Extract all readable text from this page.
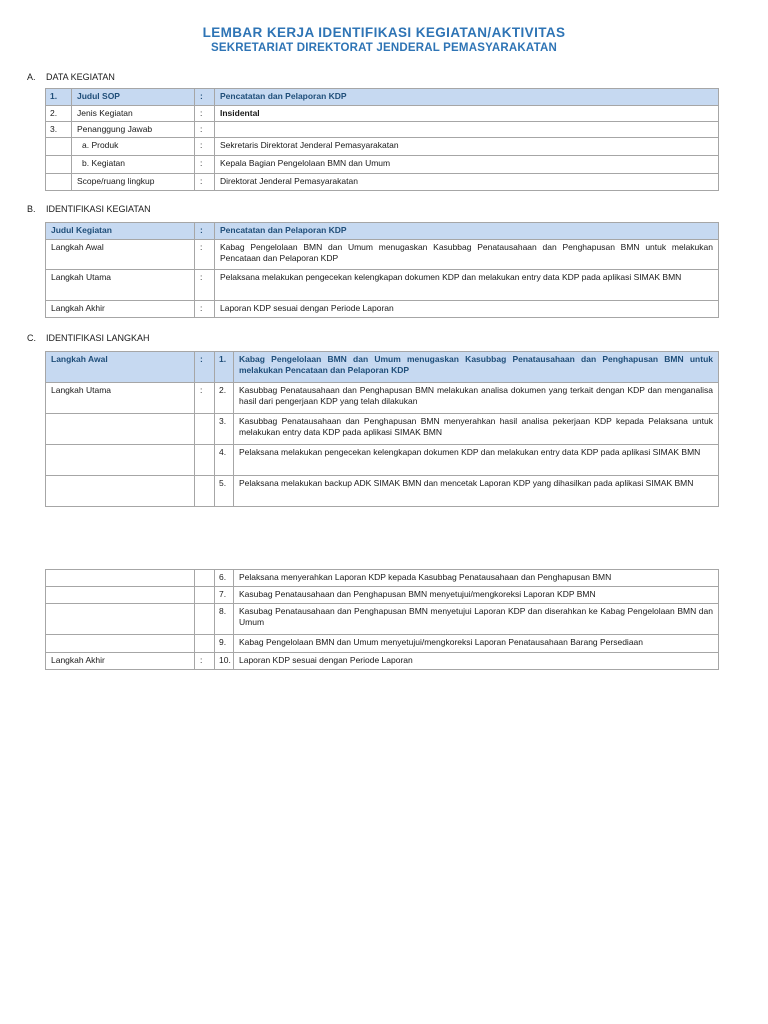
LEMBAR KERJA IDENTIFIKASI KEGIATAN/AKTIVITAS
SEKRETARIAT DIREKTORAT JENDERAL PEMASYARAKATAN
A. DATA KEGIATAN
1.	Judul SOP	:	Pencatatan dan Pelaporan KDP
2.	Jenis Kegiatan	:	Insidental
3.	Penanggung Jawab	:	
	a. Produk	:	Sekretaris Direktorat Jenderal Pemasyarakatan
	b. Kegiatan	:	Kepala Bagian Pengelolaan BMN dan Umum
	Scope/ruang lingkup	:	Direktorat Jenderal Pemasyarakatan
B. IDENTIFIKASI KEGIATAN
Judul Kegiatan	:	Pencatatan dan Pelaporan KDP
Langkah Awal	:	Kabag Pengelolaan BMN dan Umum menugaskan Kasubbag Penatausahaan dan Penghapusan BMN untuk melakukan Pencataan dan Pelaporan KDP
Langkah Utama	:	Pelaksana melakukan pengecekan kelengkapan dokumen KDP dan melakukan entry data KDP pada aplikasi SIMAK BMN
Langkah Akhir	:	Laporan KDP sesuai dengan Periode Laporan
C. IDENTIFIKASI LANGKAH
Langkah Awal	:	1.	Kabag Pengelolaan BMN dan Umum menugaskan Kasubbag Penatausahaan dan Penghapusan BMN untuk melakukan Pencataan dan Pelaporan KDP
Langkah Utama	:	2.	Kasubbag Penatausahaan dan Penghapusan BMN melakukan analisa dokumen yang terkait dengan KDP dan menganalisa hasil dari pengerjaan KDP yang telah dilakukan
		3.	Kasubbag Penatausahaan dan Penghapusan BMN menyerahkan hasil analisa pekerjaan KDP kepada Pelaksana untuk melakukan entry data KDP pada aplikasi SIMAK BMN
		4.	Pelaksana melakukan pengecekan kelengkapan dokumen KDP dan melakukan entry data KDP pada aplikasi SIMAK BMN
		5.	Pelaksana melakukan backup ADK SIMAK BMN dan mencetak Laporan KDP yang dihasilkan pada aplikasi SIMAK BMN
		6.	Pelaksana menyerahkan Laporan KDP kepada Kasubbag Penatausahaan dan Penghapusan BMN
		7.	Kasubag Penatausahaan dan Penghapusan BMN menyetujui/mengkoreksi Laporan KDP BMN
		8.	Kasubag Penatausahaan dan Penghapusan BMN menyetujui Laporan KDP dan diserahkan ke Kabag Pengelolaan BMN dan Umum
		9.	Kabag Pengelolaan BMN dan Umum menyetujui/mengkoreksi Laporan Penatausahaan Barang Persediaan
Langkah Akhir	:	10.	Laporan KDP sesuai dengan Periode Laporan
